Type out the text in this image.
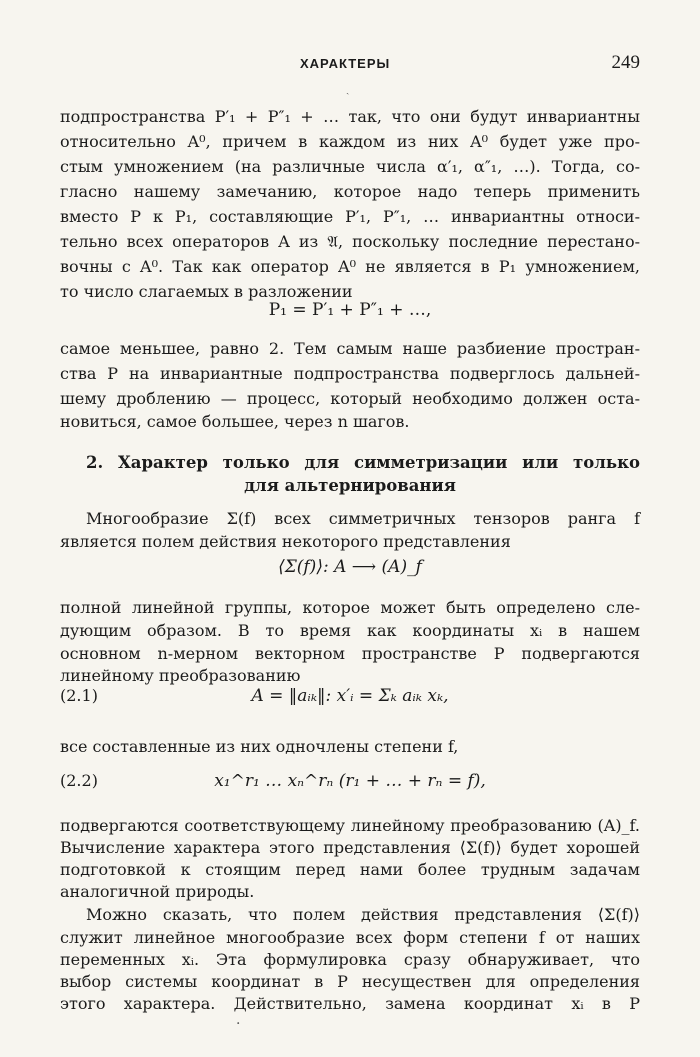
ХАРАКТЕРЫ	249
ˏ
подпространства P′₁ + P″₁ + … так, что они будут инвариантны
относительно A⁰, причем в каждом из них A⁰ будет уже про-
стым умножением (на различные числа α′₁, α″₁, …). Тогда, со-
гласно нашему замечанию, которое надо теперь применить
вместо P к P₁, составляющие P′₁, P″₁, … инвариантны относи-
тельно всех операторов A из 𝔄, поскольку последние перестано-
вочны с A⁰. Так как оператор A⁰ не является в P₁ умножением,
то число слагаемых в разложении
P₁ = P′₁ + P″₁ + …,
самое меньшее, равно 2. Тем самым наше разбиение простран-
ства P на инвариантные подпространства подверглось дальней-
шему дроблению — процесс, который необходимо должен оста-
новиться, самое большее, через n шагов.
2. Характер только для симметризации или только
для альтернирования
Многообразие Σ(f) всех симметричных тензоров ранга f
является полем действия некоторого представления
⟨Σ(f)⟩: A ⟶ (A)_f
полной линейной группы, которое может быть определено сле-
дующим образом. В то время как координаты xᵢ в нашем
основном n-мерном векторном пространстве P подвергаются
линейному преобразованию
(2.1)	A = ‖aᵢₖ‖: x′ᵢ = Σₖ aᵢₖ xₖ,
все составленные из них одночлены степени f,
(2.2)	x₁^r₁ … xₙ^rₙ (r₁ + … + rₙ = f),
подвергаются соответствующему линейному преобразованию (A)_f.
Вычисление характера этого представления ⟨Σ(f)⟩ будет хорошей
подготовкой к стоящим перед нами более трудным задачам
аналогичной природы.
Можно сказать, что полем действия представления ⟨Σ(f)⟩
служит линейное многообразие всех форм степени f от наших
переменных xᵢ. Эта формулировка сразу обнаруживает, что
выбор системы координат в P несуществен для определения
этого характера. Действительно, замена координат xᵢ в P
·
